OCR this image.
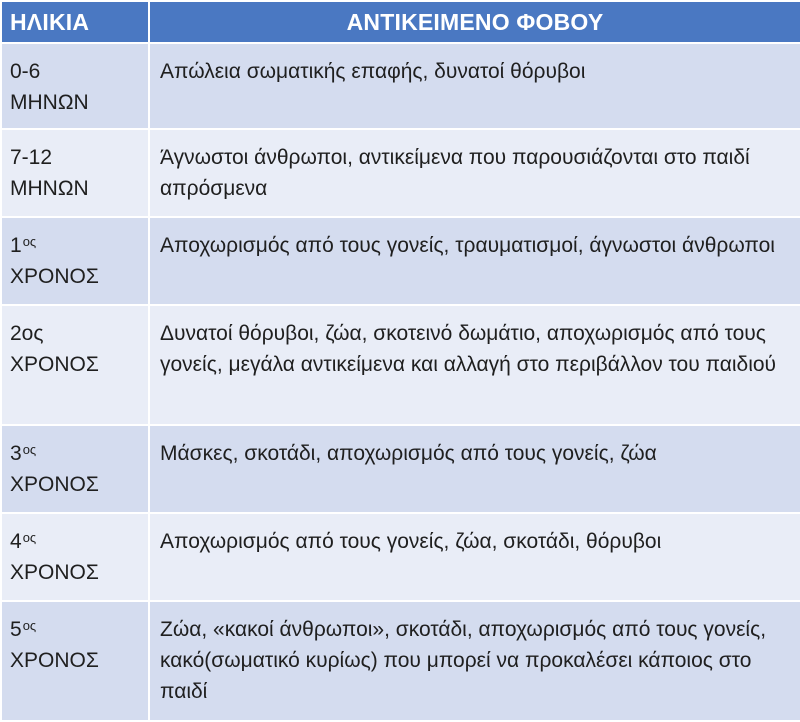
ΗΛΙΚΙΑ	ΑΝΤΙΚΕΙΜΕΝΟ ΦΟΒΟΥ

0-6
ΜΗΝΩΝ	Απώλεια σωματικής επαφής, δυνατοί θόρυβοι

7-12
ΜΗΝΩΝ	Άγνωστοι άνθρωποι, αντικείμενα που παρουσιάζονται στο παιδί απρόσμενα

$1^{o\varsigma}$
ΧΡΟΝΟΣ	Αποχωρισμός από τους γονείς, τραυματισμοί, άγνωστοι άνθρωποι

2ος
ΧΡΟΝΟΣ	Δυνατοί θόρυβοι, ζώα, σκοτεινό δωμάτιο, αποχωρισμός από τους γονείς, μεγάλα αντικείμενα και αλλαγή στο περιβάλλον του παιδιού

$3^{o\varsigma}$
ΧΡΟΝΟΣ	Μάσκες, σκοτάδι, αποχωρισμός από τους γονείς, ζώα

$4^{o\varsigma}$
ΧΡΟΝΟΣ	Αποχωρισμός από τους γονείς, ζώα, σκοτάδι, θόρυβοι

$5^{o\varsigma}$
ΧΡΟΝΟΣ	Ζώα, «κακοί άνθρωποι», σκοτάδι, αποχωρισμός από τους γονείς, κακό(σωματικό κυρίως) που μπορεί να προκαλέσει κάποιος στο παιδί
